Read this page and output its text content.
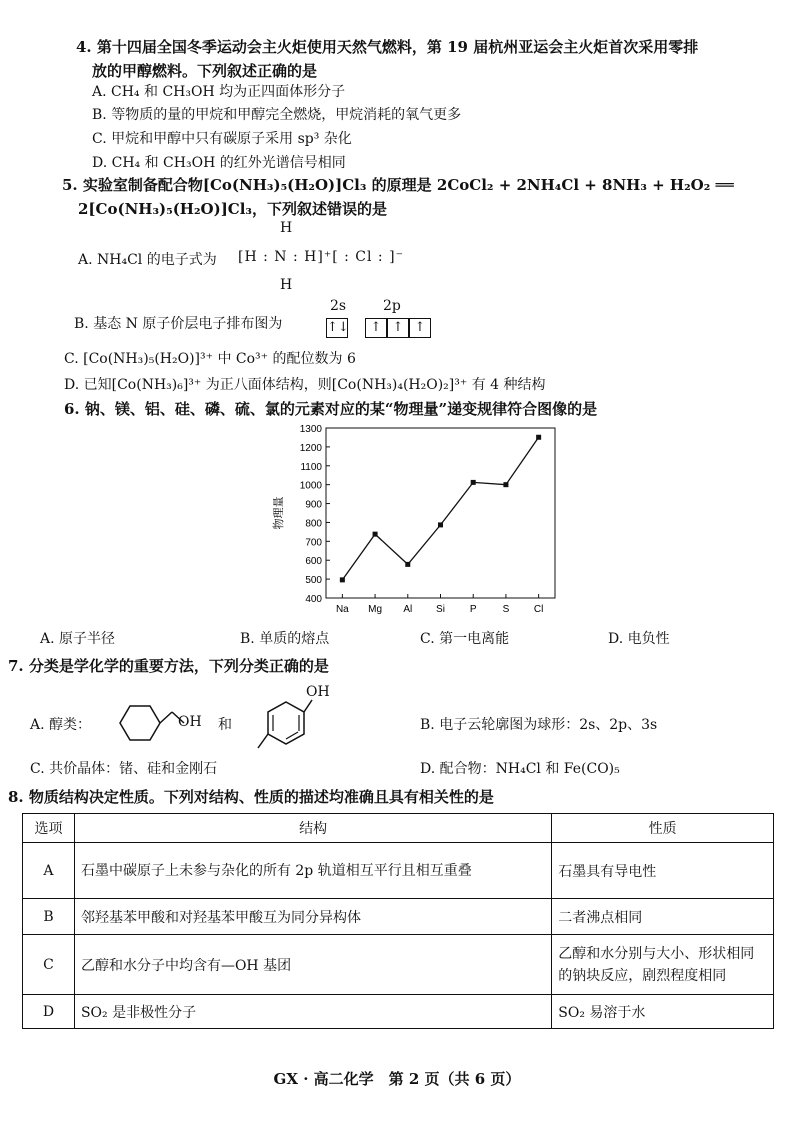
4. 第十四届全国冬季运动会主火炬使用天然气燃料，第 19 届杭州亚运会主火炬首次采用零排
放的甲醇燃料。下列叙述正确的是
A. CH₄ 和 CH₃OH 均为正四面体形分子
B. 等物质的量的甲烷和甲醇完全燃烧，甲烷消耗的氧气更多
C. 甲烷和甲醇中只有碳原子采用 sp³ 杂化
D. CH₄ 和 CH₃OH 的红外光谱信号相同
5. 实验室制备配合物[Co(NH₃)₅(H₂O)]Cl₃ 的原理是 2CoCl₂ + 2NH₄Cl + 8NH₃ + H₂O₂ ══
2[Co(NH₃)₅(H₂O)]Cl₃，下列叙述错误的是
H
A. NH₄Cl 的电子式为 [H : N : H]⁺[ : Cl : ]⁻
H
B. 基态 N 原子价层电子排布图为
2s	2p
↑↓ ↑ ↑ ↑
C. [Co(NH₃)₅(H₂O)]³⁺ 中 Co³⁺ 的配位数为 6
D. 已知[Co(NH₃)₆]³⁺ 为正八面体结构，则[Co(NH₃)₄(H₂O)₂]³⁺ 有 4 种结构
6. 钠、镁、铝、硅、磷、硫、氯的元素对应的某“物理量”递变规律符合图像的是
400
500
600
700
800
900
1000
1100
1200
1300
Na Mg Al Si P	S Cl
物理量
A. 原子半径	B. 单质的熔点	C. 第一电离能	D. 电负性
7. 分类是学化学的重要方法，下列分类正确的是
A. 醇类：	OH 和
OH
B. 电子云轮廓图为球形：2s、2p、3s
C. 共价晶体：锗、硅和金刚石	D. 配合物：NH₄Cl 和 Fe(CO)₅
8. 物质结构决定性质。下列对结构、性质的描述均准确且具有相关性的是
选项	结构	性质
A	石墨中碳原子上未参与杂化的所有 2p 轨道相互平行且相互重叠	石墨具有导电性
B	邻羟基苯甲酸和对羟基苯甲酸互为同分异构体	二者沸点相同
C	乙醇和水分子中均含有—OH 基团	乙醇和水分别与大小、形状相同的钠块反应，剧烈程度相同
D	SO₂ 是非极性分子	SO₂ 易溶于水
GX · 高二化学　第 2 页（共 6 页）
